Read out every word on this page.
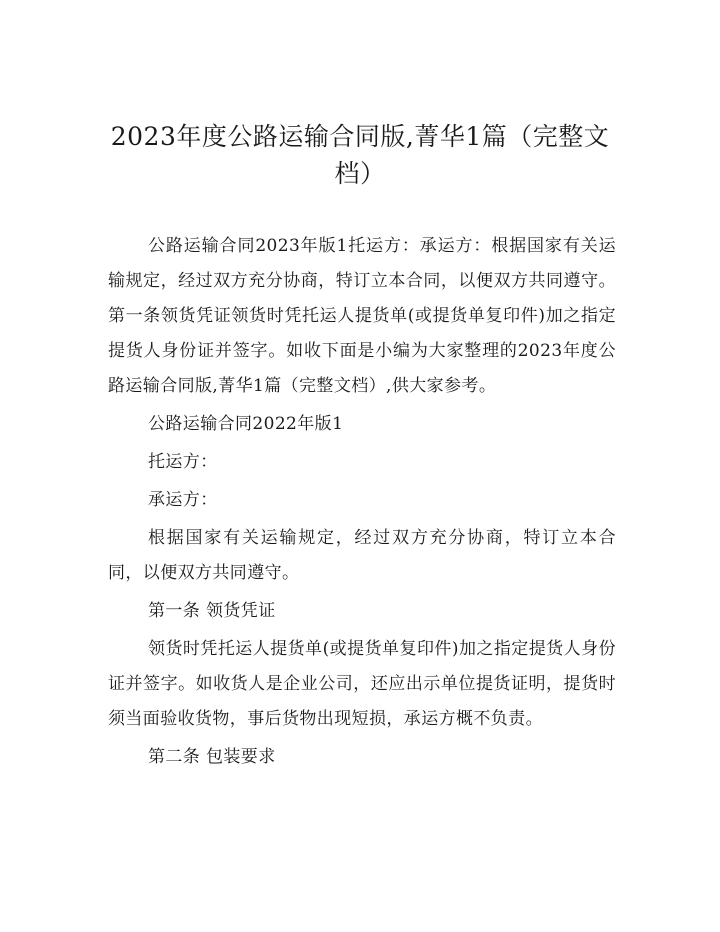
2023年度公路运输合同版,菁华1篇（完整文档）

公路运输合同2023年版1托运方：承运方：根据国家有关运输规定，经过双方充分协商，特订立本合同，以便双方共同遵守。第一条领货凭证领货时凭托运人提货单(或提货单复印件)加之指定提货人身份证并签字。如收下面是小编为大家整理的2023年度公路运输合同版,菁华1篇（完整文档）,供大家参考。

公路运输合同2022年版1

托运方：

承运方：

根据国家有关运输规定，经过双方充分协商，特订立本合同，以便双方共同遵守。

第一条 领货凭证

领货时凭托运人提货单(或提货单复印件)加之指定提货人身份证并签字。如收货人是企业公司，还应出示单位提货证明，提货时须当面验收货物，事后货物出现短损，承运方概不负责。

第二条 包装要求
